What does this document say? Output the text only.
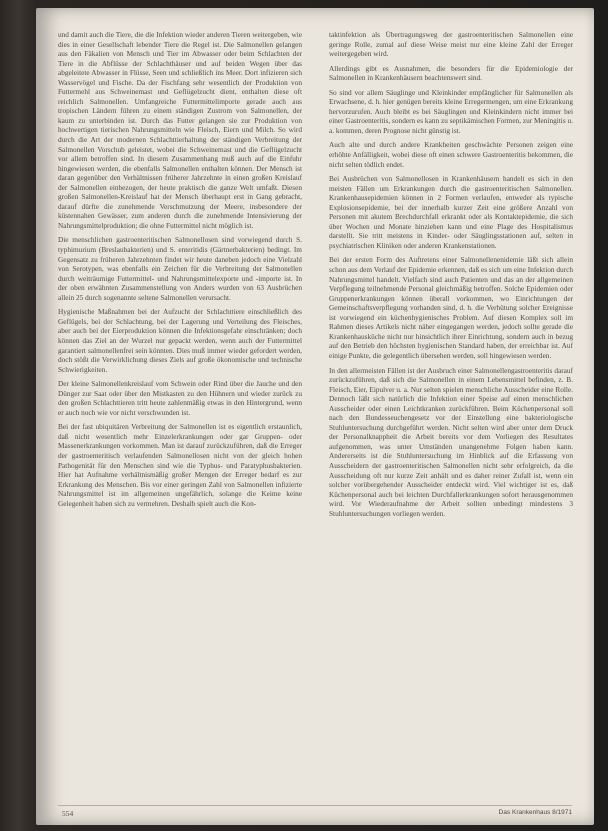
und damit auch die Tiere, die die Infektion wieder anderen Tieren weitergeben, wie dies in einer Gesellschaft lebender Tiere die Regel ist. Die Salmonellen gelangen aus den Fäkalien von Mensch und Tier im Abwasser oder beim Schlachten der Tiere in die Abflüsse der Schlachthäuser und auf beiden Wegen über das abgeleitete Abwasser in Flüsse, Seen und schließlich ins Meer. Dort infizieren sich Wasservögel und Fische. Da der Fischfang sehr wesentlich der Produktion von Futtermehl aus Schweinemast und Geflügelzucht dient, enthalten diese oft reichlich Salmonellen. Umfangreiche Futtermittelimporte gerade auch aus tropischen Ländern führen zu einem ständigen Zustrom von Salmonellen, der kaum zu unterbinden ist. Durch das Futter gelangen sie zur Produktion von hochwertigen tierischen Nahrungsmitteln wie Fleisch, Eiern und Milch. So wird durch die Art der modernen Schlachttierhaltung der ständigen Verbreitung der Salmonellen Vorschub geleistet, wobei die Schweinemast und die Geflügelzucht vor allem betroffen sind. In diesem Zusammenhang muß auch auf die Einfuhr hingewiesen werden, die ebenfalls Salmonellen enthalten können. Der Mensch ist daran gegenüber den Verhältnissen früherer Jahrzehnte in einen großen Kreislauf der Salmonellen einbezogen, der heute praktisch die ganze Welt umfaßt. Diesen großen Salmonellen-Kreislauf hat der Mensch überhaupt erst in Gang gebracht, darauf dürfte die zunehmende Verschmutzung der Meere, insbesondere der küstennahen Gewässer, zum anderen durch die zunehmende Intensivierung der Nahrungsmittelproduktion; die ohne Futtermittel nicht möglich ist.

Die menschlichen gastroenteritischen Salmonellosen sind vorwiegend durch S. typhimurium (Breslaubakterien) und S. enteritidis (Gärtnerbakterien) bedingt. Im Gegensatz zu früheren Jahrzehnten findet wir heute daneben jedoch eine Vielzahl von Serotypen, was ebenfalls ein Zeichen für die Verbreitung der Salmonellen durch weiträumige Futtermittel- und Nahrungsmittelexporte und -importe ist. In der oben erwähnten Zusammenstellung von Anders wurden von 63 Ausbrüchen allein 25 durch sogenannte seltene Salmonellen verursacht.

Hygienische Maßnahmen bei der Aufzucht der Schlachttiere einschließlich des Geflügels, bei der Schlachtung, bei der Lagerung und Verteilung des Fleisches, aber auch bei der Eierproduktion können die Infektionsgefahr einschränken; doch können das Ziel an der Wurzel nur gepackt werden, wenn auch der Futtermittel garantiert salmonellenfrei sein könnten. Dies muß immer wieder gefordert werden, doch stößt die Verwirklichung dieses Ziels auf große ökonomische und technische Schwierigkeiten.

Der kleine Salmonellenkreislauf vom Schwein oder Rind über die Jauche und den Dünger zur Saat oder über den Mistkasten zu den Hühnern und wieder zurück zu den großen Schlachttieren tritt heute zahlenmäßig etwas in den Hintergrund, wenn er auch noch wie vor nicht verschwunden ist.

Bei der fast ubiquitären Verbreitung der Salmonellen ist es eigentlich erstaunlich, daß nicht wesentlich mehr Einzelerkrankungen oder gar Gruppen- oder Massenerkrankungen vorkommen. Man ist darauf zurückzuführen, daß die Erreger der gastroenteritisch verlaufenden Salmonellosen nicht von der gleich hohen Pathogenität für den Menschen sind wie die Typhus- und Paratyphusbakterien. Hier hat Aufnahme verhältnismäßig großer Mengen der Erreger bedarf es zur Erkrankung des Menschen. Bis vor einer geringen Zahl von Salmonellen infizierte Nahrungsmittel ist im allgemeinen ungefährlich, solange die Keime keine Gelegenheit haben sich zu vermehren. Deshalb spielt auch die Kon-

taktinfektion als Übertragungsweg der gastroenteritischen Salmonellen eine geringe Rolle, zumal auf diese Weise meist nur eine kleine Zahl der Erreger weitergegeben wird.

Allerdings gibt es Ausnahmen, die besonders für die Epidemiologie der Salmonellen in Krankenhäusern beachtenswert sind.

So sind vor allem Säuglinge und Kleinkinder empfänglicher für Salmonellen als Erwachsene, d. h. hier genügen bereits kleine Erregermengen, um eine Erkrankung hervorzurufen. Auch bleibt es bei Säuglingen und Kleinkindern nicht immer bei einer Gastroenteritis, sondern es kann zu septikämischen Formen, zur Meningitis u. a. kommen, deren Prognose nicht günstig ist.

Auch alte und durch andere Krankheiten geschwächte Personen zeigen eine erhöhte Anfälligkeit, wobei diese oft einen schwere Gastroenteritis bekommen, die nicht selten tödlich endet.

Bei Ausbrüchen von Salmonellosen in Krankenhäusern handelt es sich in den meisten Fällen um Erkrankungen durch die gastroenteritischen Salmonellen. Krankenhausepidemien können in 2 Formen verlaufen, entweder als typische Explosionsepidemie, bei der innerhalb kurzer Zeit eine größere Anzahl von Personen mit akutem Brechdurchfall erkrankt oder als Kontaktepidemie, die sich über Wochen und Monate hinziehen kann und eine Plage des Hospitalismus darstellt. Sie tritt meistens in Kinder- oder Säuglingsstationen auf, selten in psychiatrischen Kliniken oder anderen Krankenstationen.

Bei der ersten Form des Auftretens einer Salmonellenenidemie läßt sich allein schon aus dem Verlauf der Epidemie erkennen, daß es sich um eine Infektion durch Nahrungsmittel handelt. Vielfach sind auch Patienten und das an der allgemeinen Verpflegung teilnehmende Personal gleichmäßig betroffen. Solche Epidemien oder Gruppenerkrankungen können überall vorkommen, wo Einrichtungen der Gemeinschaftsverpflegung vorhanden sind, d. h. die Verhütung solcher Ereignisse ist vorwiegend ein küchenhygienisches Problem. Auf diesen Komplex soll im Rahmen dieses Artikels nicht näher eingegangen werden, jedoch sollte gerade die Krankenhausküche nicht nur hinsichtlich ihrer Einrichtung, sondern auch in bezug auf den Betrieb den höchsten hygienischen Standard haben, der erreichbar ist. Auf einige Punkte, die gelegentlich übersehen werden, soll hingewiesen werden.

In den allermeisten Fällen ist der Ausbruch einer Salmonellengastroenteritis darauf zurückzuführen, daß sich die Salmonellen in einem Lebensmittel befinden, z. B. Fleisch, Eier, Eipulver u. a. Nur selten spielen menschliche Ausscheider eine Rolle. Dennoch läßt sich natürlich die Infektion einer Speise auf einen menschlichen Ausscheider oder einen Leichtkranken zurückführen. Beim Küchenpersonal soll nach den Bundesseuchengesetz vor der Einstellung eine bakteriologische Stuhluntersuchung durchgeführt werden. Nicht selten wird aber unter dem Druck der Personalknappheit die Arbeit bereits vor dem Vorliegen des Resultates aufgenommen, was unter Umständen unangenehme Folgen haben kann. Andererseits ist die Stuhluntersuchung im Hinblick auf die Erfassung von Ausscheidern der gastroenteritischen Salmonellen nicht sehr erfolgreich, da die Ausscheidung oft nur kurze Zeit anhält und es daher reiner Zufall ist, wenn ein solcher vorübergehender Ausscheider entdeckt wird. Viel wichtiger ist es, daß Küchenpersonal auch bei leichten Durchfallerkrankungen sofort herausgenommen wird. Vor Wiederaufnahme der Arbeit sollten unbedingt mindestens 3 Stuhluntersuchungen vorliegen werden.

554	Das Krankenhaus 8/1971
